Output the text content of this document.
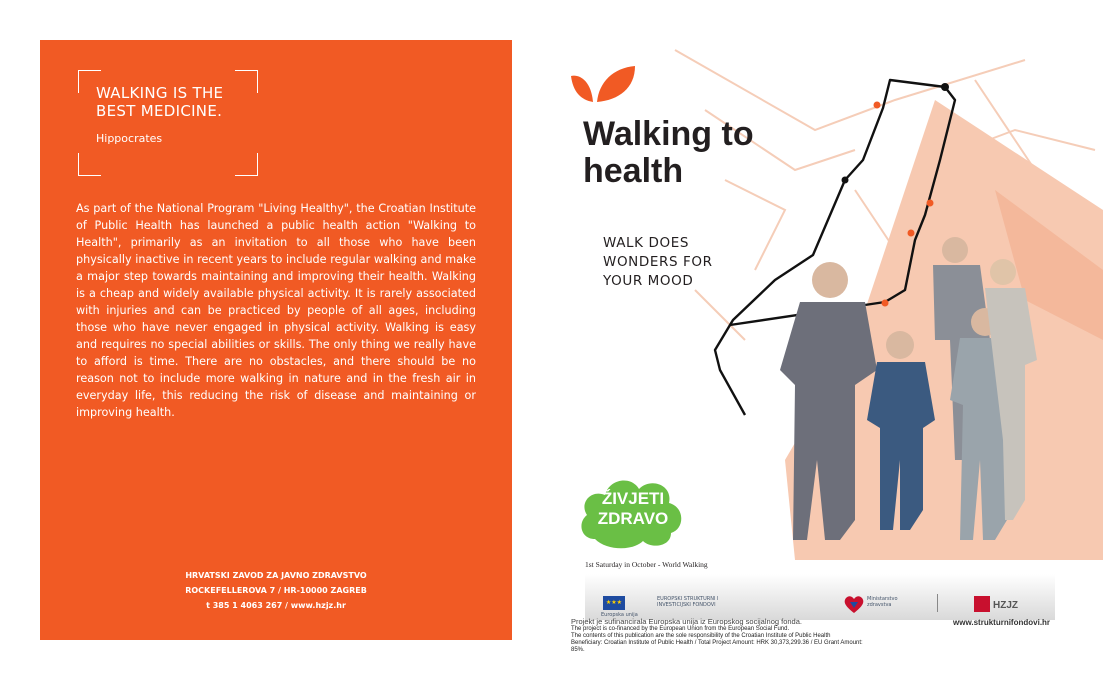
WALKING IS THE BEST MEDICINE.
Hippocrates
As part of the National Program "Living Healthy", the Croatian Institute of Public Health has launched a public health action "Walking to Health", primarily as an invitation to all those who have been physically inactive in recent years to include regular walking and make a major step towards maintaining and improving their health. Walking is a cheap and widely available physical activity. It is rarely associated with injuries and can be practiced by people of all ages, including those who have never engaged in physical activity. Walking is easy and requires no special abilities or skills. The only thing we really have to afford is time. There are no obstacles, and there should be no reason not to include more walking in nature and in the fresh air in everyday life, this reducing the risk of disease and maintaining or improving health.
HRVATSKI ZAVOD ZA JAVNO ZDRAVSTVO
ROCKEFELLEROVA 7 / HR-10000 ZAGREB
t 385 1 4063 267 / www.hzjz.hr
Walking to
health
WALK DOES
WONDERS FOR
YOUR MOOD
ŽIVJETI
ZDRAVO
1st Saturday in October - World Walking
★★★
Europska unija
EUROPSKI STRUKTURNI I INVESTICIJSKI FONDOVI
Ministarstvo zdravstva	HZJZ
www.strukturnifondovi.hr
Projekt je sufinancirala Europska unija iz Europskog socijalnog fonda.
The project is co-financed by the European Union from the European Social Fund.
The contents of this publication are the sole responsibility of the Croatian Institute of Public Health
Beneficiary: Croatian Institute of Public Health / Total Project Amount: HRK 30,373,299.36 / EU Grant Amount: 85%.
